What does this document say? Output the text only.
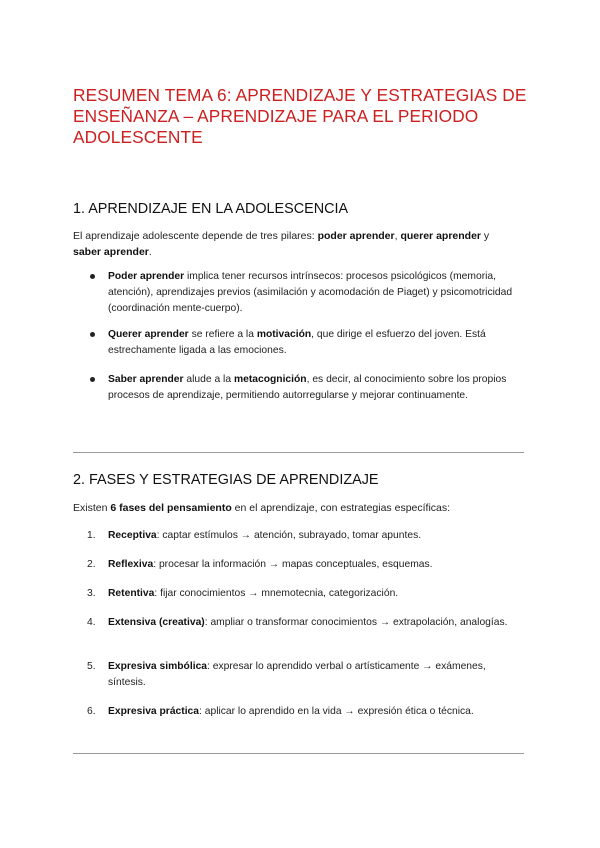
RESUMEN TEMA 6: APRENDIZAJE Y ESTRATEGIAS DE ENSEÑANZA – APRENDIZAJE PARA EL PERIODO ADOLESCENTE
1. APRENDIZAJE EN LA ADOLESCENCIA

El aprendizaje adolescente depende de tres pilares: poder aprender, querer aprender y saber aprender.

Poder aprender implica tener recursos intrínsecos: procesos psicológicos (memoria, atención), aprendizajes previos (asimilación y acomodación de Piaget) y psicomotricidad (coordinación mente-cuerpo).
Querer aprender se refiere a la motivación, que dirige el esfuerzo del joven. Está estrechamente ligada a las emociones.
Saber aprender alude a la metacognición, es decir, al conocimiento sobre los propios procesos de aprendizaje, permitiendo autorregularse y mejorar continuamente.
2. FASES Y ESTRATEGIAS DE APRENDIZAJE

Existen 6 fases del pensamiento en el aprendizaje, con estrategias específicas:

1.	Receptiva: captar estímulos → atención, subrayado, tomar apuntes.
2.	Reflexiva: procesar la información → mapas conceptuales, esquemas.
3.	Retentiva: fijar conocimientos → mnemotecnia, categorización.
4.	Extensiva (creativa): ampliar o transformar conocimientos → extrapolación, analogías.
5.	Expresiva simbólica: expresar lo aprendido verbal o artísticamente → exámenes, síntesis.
6.	Expresiva práctica: aplicar lo aprendido en la vida → expresión ética o técnica.
